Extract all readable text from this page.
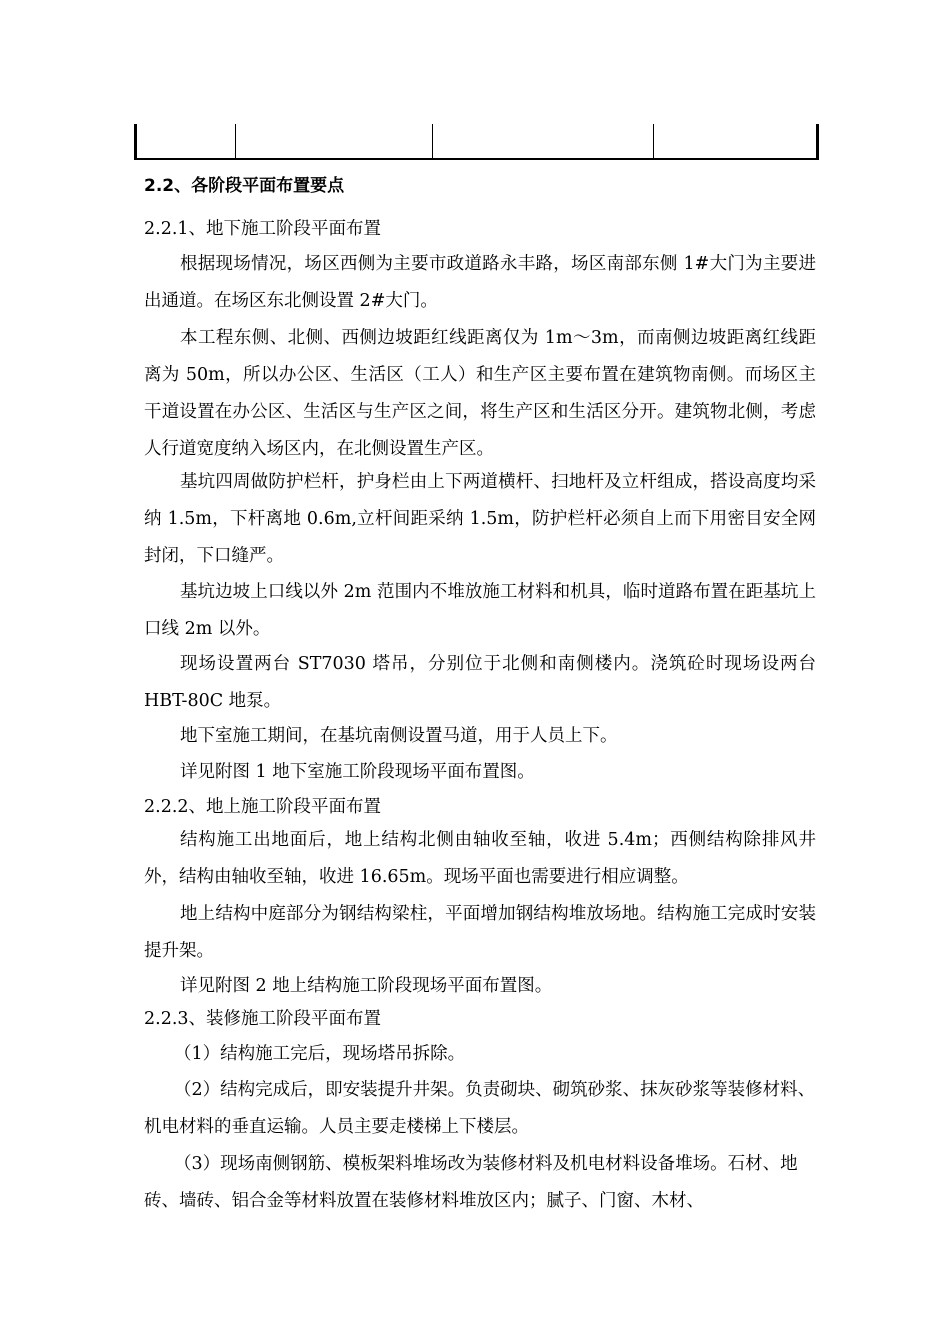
2.2、各阶段平面布置要点
2.2.1、地下施工阶段平面布置

根据现场情况，场区西侧为主要市政道路永丰路，场区南部东侧 1#大门为主要进出通道。在场区东北侧设置 2#大门。

本工程东侧、北侧、西侧边坡距红线距离仅为 1m～3m，而南侧边坡距离红线距离为 50m，所以办公区、生活区（工人）和生产区主要布置在建筑物南侧。而场区主干道设置在办公区、生活区与生产区之间，将生产区和生活区分开。建筑物北侧，考虑人行道宽度纳入场区内，在北侧设置生产区。

基坑四周做防护栏杆，护身栏由上下两道横杆、扫地杆及立杆组成，搭设高度均采纳 1.5m，下杆离地 0.6m,立杆间距采纳 1.5m，防护栏杆必须自上而下用密目安全网封闭，下口缝严。

基坑边坡上口线以外 2m 范围内不堆放施工材料和机具，临时道路布置在距基坑上口线 2m 以外。

现场设置两台 ST7030 塔吊，分别位于北侧和南侧楼内。浇筑砼时现场设两台 HBT-80C 地泵。

地下室施工期间，在基坑南侧设置马道，用于人员上下。

详见附图 1 地下室施工阶段现场平面布置图。

2.2.2、地上施工阶段平面布置

结构施工出地面后，地上结构北侧由轴收至轴，收进 5.4m；西侧结构除排风井外，结构由轴收至轴，收进 16.65m。现场平面也需要进行相应调整。

地上结构中庭部分为钢结构梁柱，平面增加钢结构堆放场地。结构施工完成时安装提升架。

详见附图 2 地上结构施工阶段现场平面布置图。

2.2.3、装修施工阶段平面布置

（1）结构施工完后，现场塔吊拆除。

（2）结构完成后，即安装提升井架。负责砌块、砌筑砂浆、抹灰砂浆等装修材料、机电材料的垂直运输。人员主要走楼梯上下楼层。

（3）现场南侧钢筋、模板架料堆场改为装修材料及机电材料设备堆场。石材、地砖、墙砖、铝合金等材料放置在装修材料堆放区内；腻子、门窗、木材、
